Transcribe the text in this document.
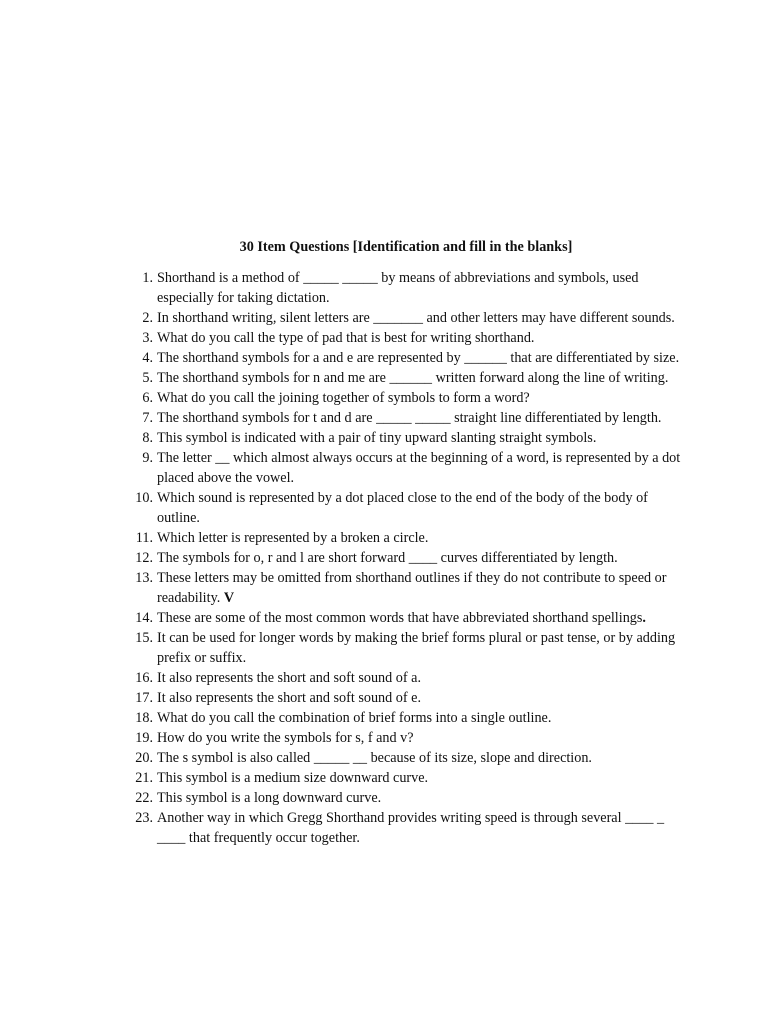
30 Item Questions [Identification and fill in the blanks]
1. Shorthand is a method of _____ _____ by means of abbreviations and symbols, used especially for taking dictation.
2. In shorthand writing, silent letters are _______ and other letters may have different sounds.
3. What do you call the type of pad that is best for writing shorthand.
4. The shorthand symbols for a and e are represented by ______ that are differentiated by size.
5. The shorthand symbols for n and me are ______ written forward along the line of writing.
6. What do you call the joining together of symbols to form a word?
7. The shorthand symbols for t and d are _____ _____ straight line differentiated by length.
8. This symbol is indicated with a pair of tiny upward slanting straight symbols.
9. The letter __ which almost always occurs at the beginning of a word, is represented by a dot placed above the vowel.
10. Which sound is represented by a dot placed close to the end of the body of the body of outline.
11. Which letter is represented by a broken a circle.
12. The symbols for o, r and l are short forward ____ curves differentiated by length.
13. These letters may be omitted from shorthand outlines if they do not contribute to speed or readability. V
14. These are some of the most common words that have abbreviated shorthand spellings.
15. It can be used for longer words by making the brief forms plural or past tense, or by adding prefix or suffix.
16. It also represents the short and soft sound of a.
17. It also represents the short and soft sound of e.
18. What do you call the combination of brief forms into a single outline.
19. How do you write the symbols for s, f and v?
20. The s symbol is also called _____ __ because of its size, slope and direction.
21. This symbol is a medium size downward curve.
22. This symbol is a long downward curve.
23. Another way in which Gregg Shorthand provides writing speed is through several ____ _ ____ that frequently occur together.
